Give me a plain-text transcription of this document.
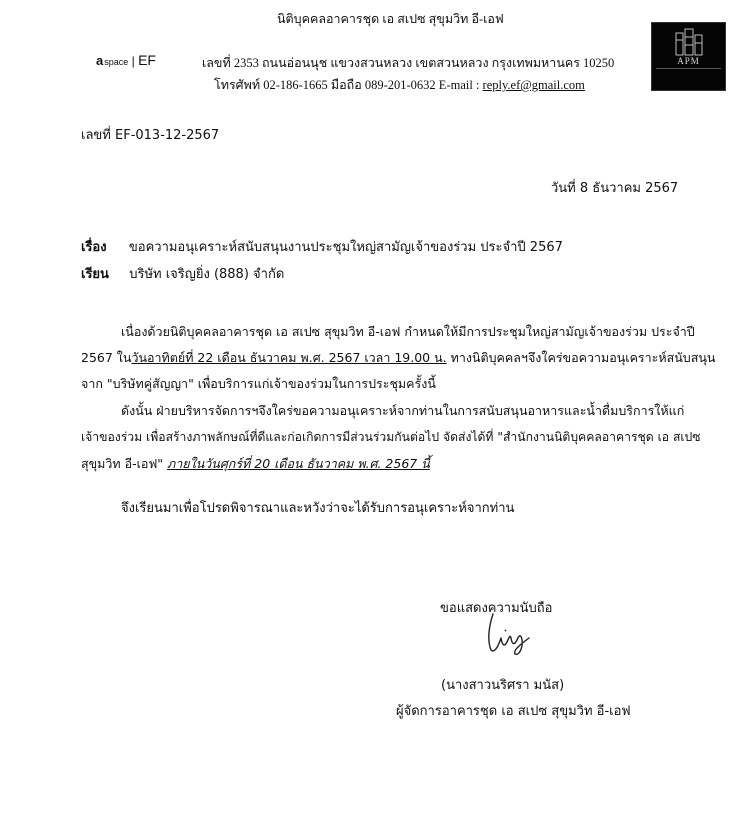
aspace | EF
นิติบุคคลอาคารชุด เอ สเปซ สุขุมวิท อี-เอฟ
เลขที่ 2353 ถนนอ่อนนุช แขวงสวนหลวง เขตสวนหลวง กรุงเทพมหานคร 10250
โทรศัพท์ 02-186-1665 มือถือ 089-201-0632 E-mail : reply.ef@gmail.com
APM
เลขที่ EF-013-12-2567
วันที่ 8 ธันวาคม 2567
เรื่อง ขอความอนุเคราะห์สนับสนุนงานประชุมใหญ่สามัญเจ้าของร่วม ประจำปี 2567
เรียน บริษัท เจริญยิ่ง (888) จำกัด
เนื่องด้วยนิติบุคคลอาคารชุด เอ สเปซ สุขุมวิท อี-เอฟ กำหนดให้มีการประชุมใหญ่สามัญเจ้าของร่วม ประจำปี
2567 ในวันอาทิตย์ที่ 22 เดือน ธันวาคม พ.ศ. 2567 เวลา 19.00 น. ทางนิติบุคคลฯจึงใคร่ขอความอนุเคราะห์สนับสนุน
จาก "บริษัทคู่สัญญา" เพื่อบริการแก่เจ้าของร่วมในการประชุมครั้งนี้
ดังนั้น ฝ่ายบริหารจัดการฯจึงใคร่ขอความอนุเคราะห์จากท่านในการสนับสนุนอาหารและน้ำดื่มบริการให้แก่
เจ้าของร่วม เพื่อสร้างภาพลักษณ์ที่ดีและก่อเกิดการมีส่วนร่วมกันต่อไป จัดส่งได้ที่ "สำนักงานนิติบุคคลอาคารชุด เอ สเปซ
สุขุมวิท อี-เอฟ" ภายในวันศุกร์ที่ 20 เดือน ธันวาคม พ.ศ. 2567 นี้
จึงเรียนมาเพื่อโปรดพิจารณาและหวังว่าจะได้รับการอนุเคราะห์จากท่าน
ขอแสดงความนับถือ
(นางสาวนริศรา มนัส)
ผู้จัดการอาคารชุด เอ สเปซ สุขุมวิท อี-เอฟ
